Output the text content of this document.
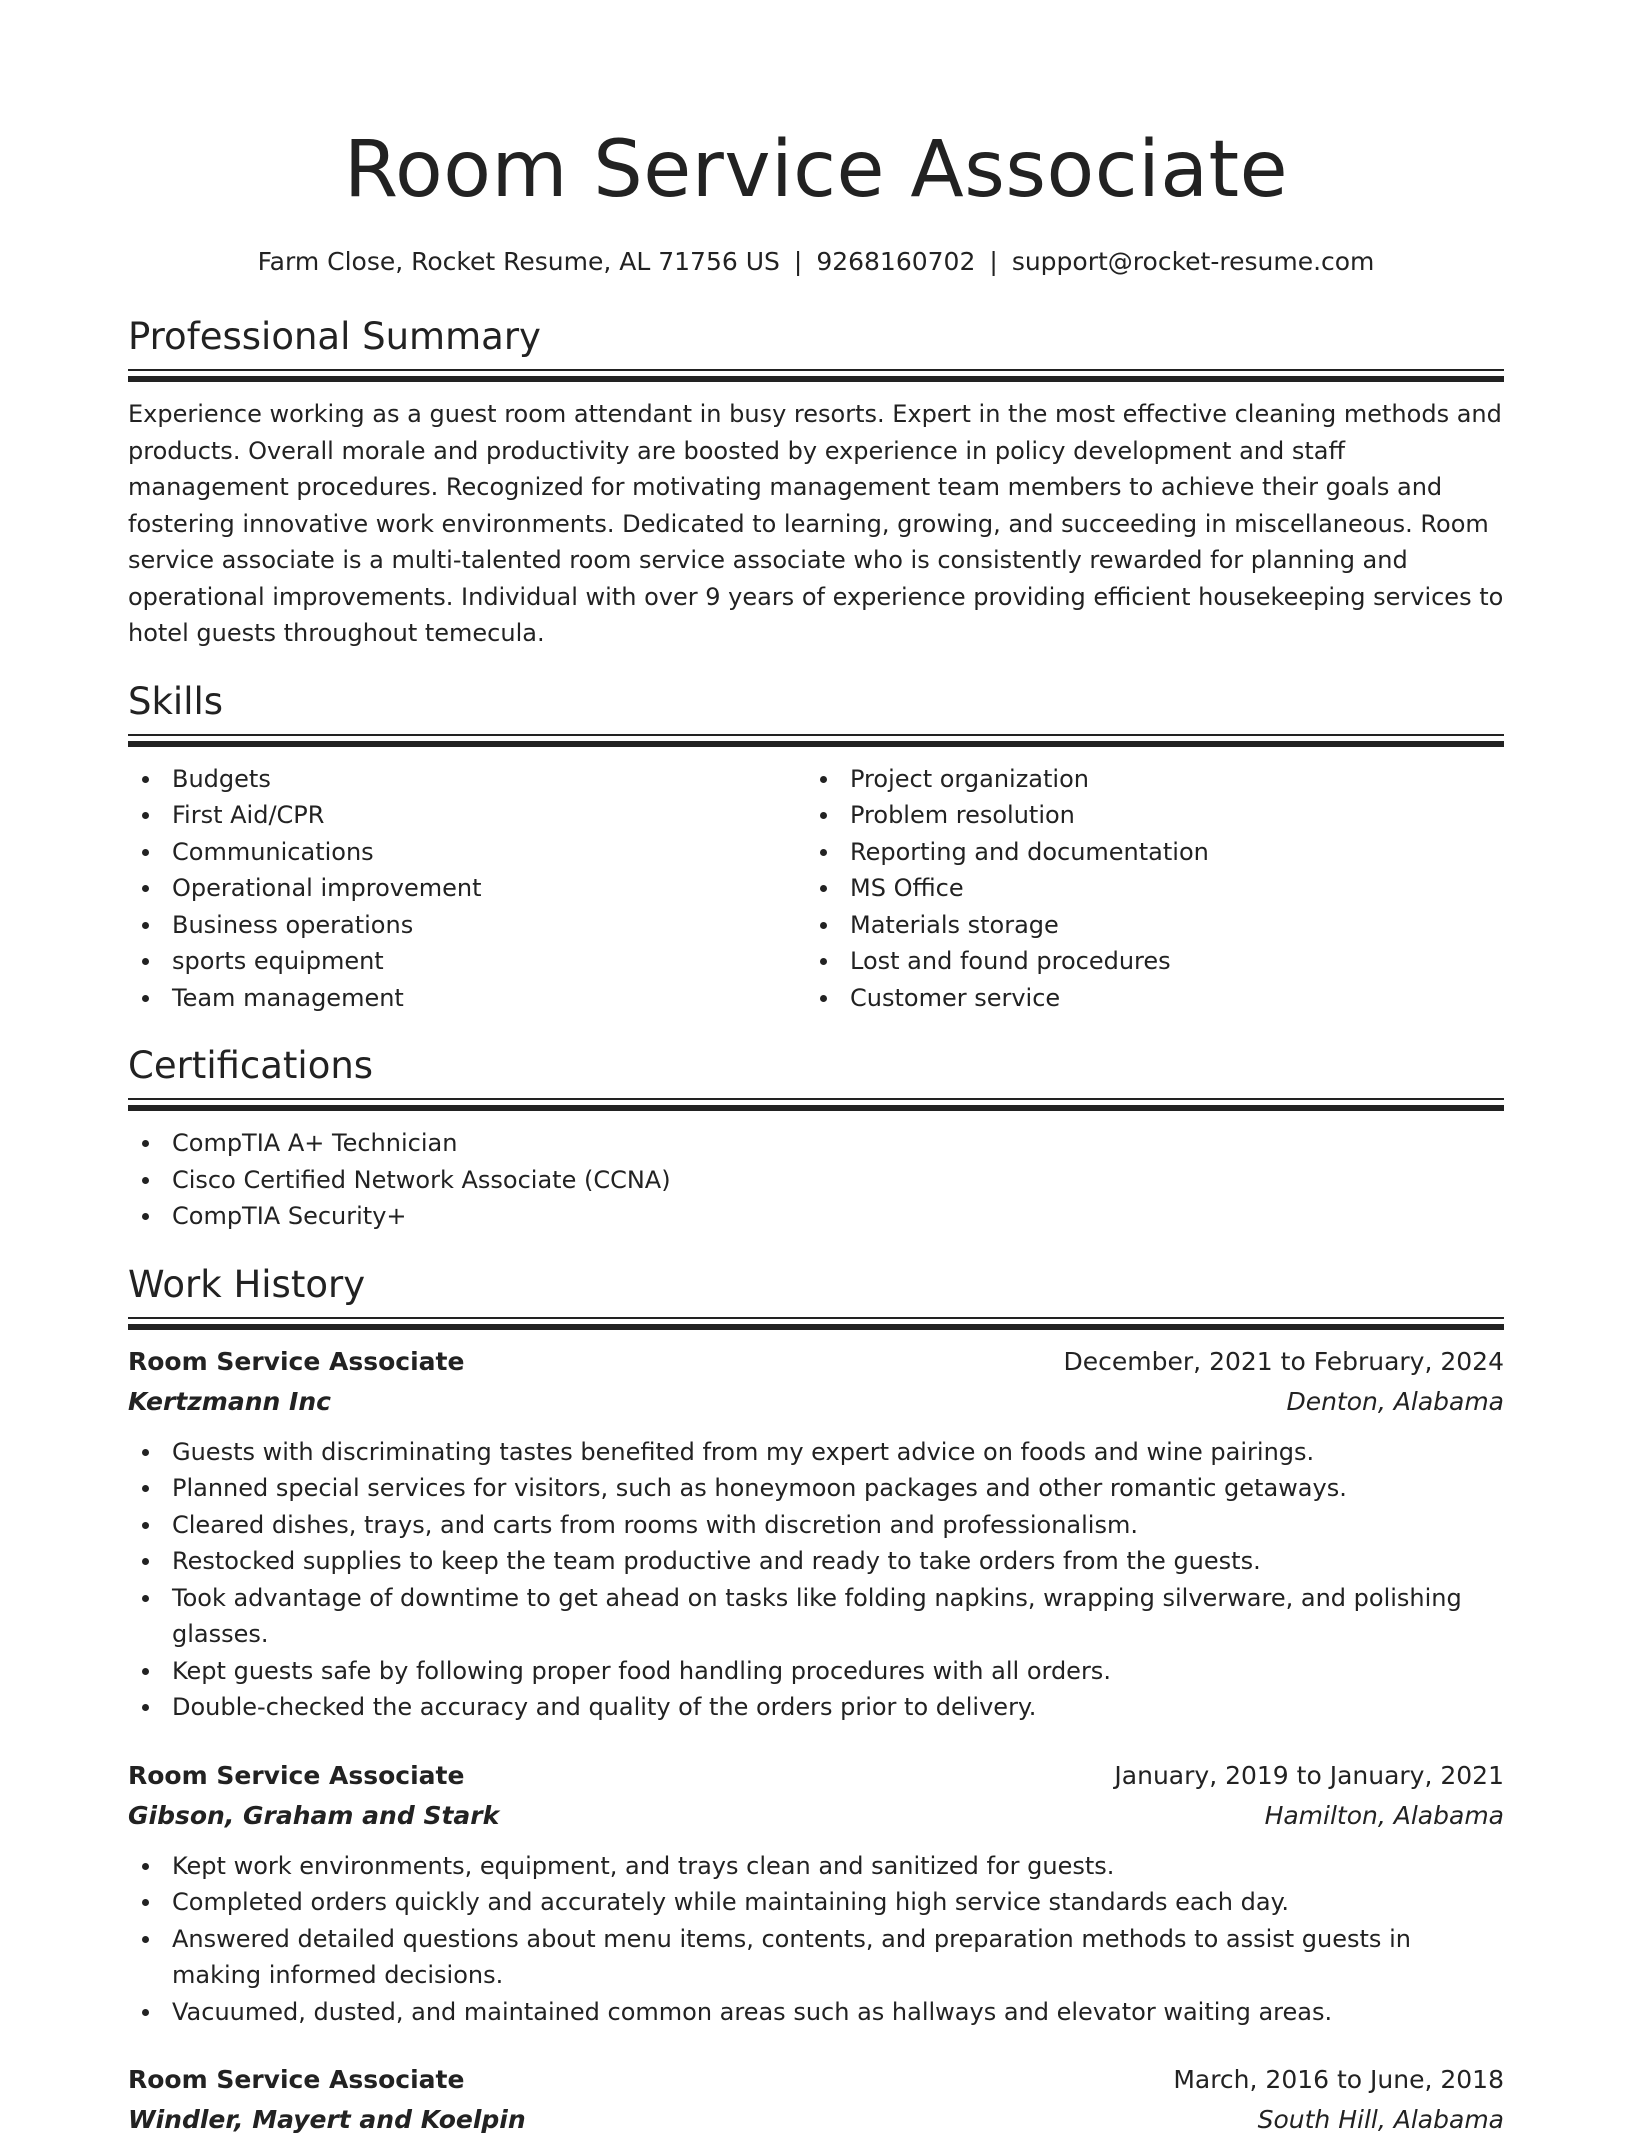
Room Service Associate
Farm Close, Rocket Resume, AL 71756 US | 9268160702 | support@rocket-resume.com
Professional Summary

Experience working as a guest room attendant in busy resorts. Expert in the most effective cleaning methods and products. Overall morale and productivity are boosted by experience in policy development and staff management procedures. Recognized for motivating management team members to achieve their goals and fostering innovative work environments. Dedicated to learning, growing, and succeeding in miscellaneous. Room service associate is a multi-talented room service associate who is consistently rewarded for planning and operational improvements. Individual with over 9 years of experience providing efficient housekeeping services to hotel guests throughout temecula.

Skills
Budgets
First Aid/CPR
Communications
Operational improvement
Business operations
sports equipment
Team management
Project organization
Problem resolution
Reporting and documentation
MS Office
Materials storage
Lost and found procedures
Customer service
Certifications
CompTIA A+ Technician
Cisco Certified Network Associate (CCNA)
CompTIA Security+
Work History
Room Service Associate	December, 2021 to February, 2024
Kertzmann Inc	Denton, Alabama
Guests with discriminating tastes benefited from my expert advice on foods and wine pairings.
Planned special services for visitors, such as honeymoon packages and other romantic getaways.
Cleared dishes, trays, and carts from rooms with discretion and professionalism.
Restocked supplies to keep the team productive and ready to take orders from the guests.
Took advantage of downtime to get ahead on tasks like folding napkins, wrapping silverware, and polishing glasses.
Kept guests safe by following proper food handling procedures with all orders.
Double-checked the accuracy and quality of the orders prior to delivery.
Room Service Associate	January, 2019 to January, 2021
Gibson, Graham and Stark	Hamilton, Alabama
Kept work environments, equipment, and trays clean and sanitized for guests.
Completed orders quickly and accurately while maintaining high service standards each day.
Answered detailed questions about menu items, contents, and preparation methods to assist guests in making informed decisions.
Vacuumed, dusted, and maintained common areas such as hallways and elevator waiting areas.
Room Service Associate	March, 2016 to June, 2018
Windler, Mayert and Koelpin	South Hill, Alabama
